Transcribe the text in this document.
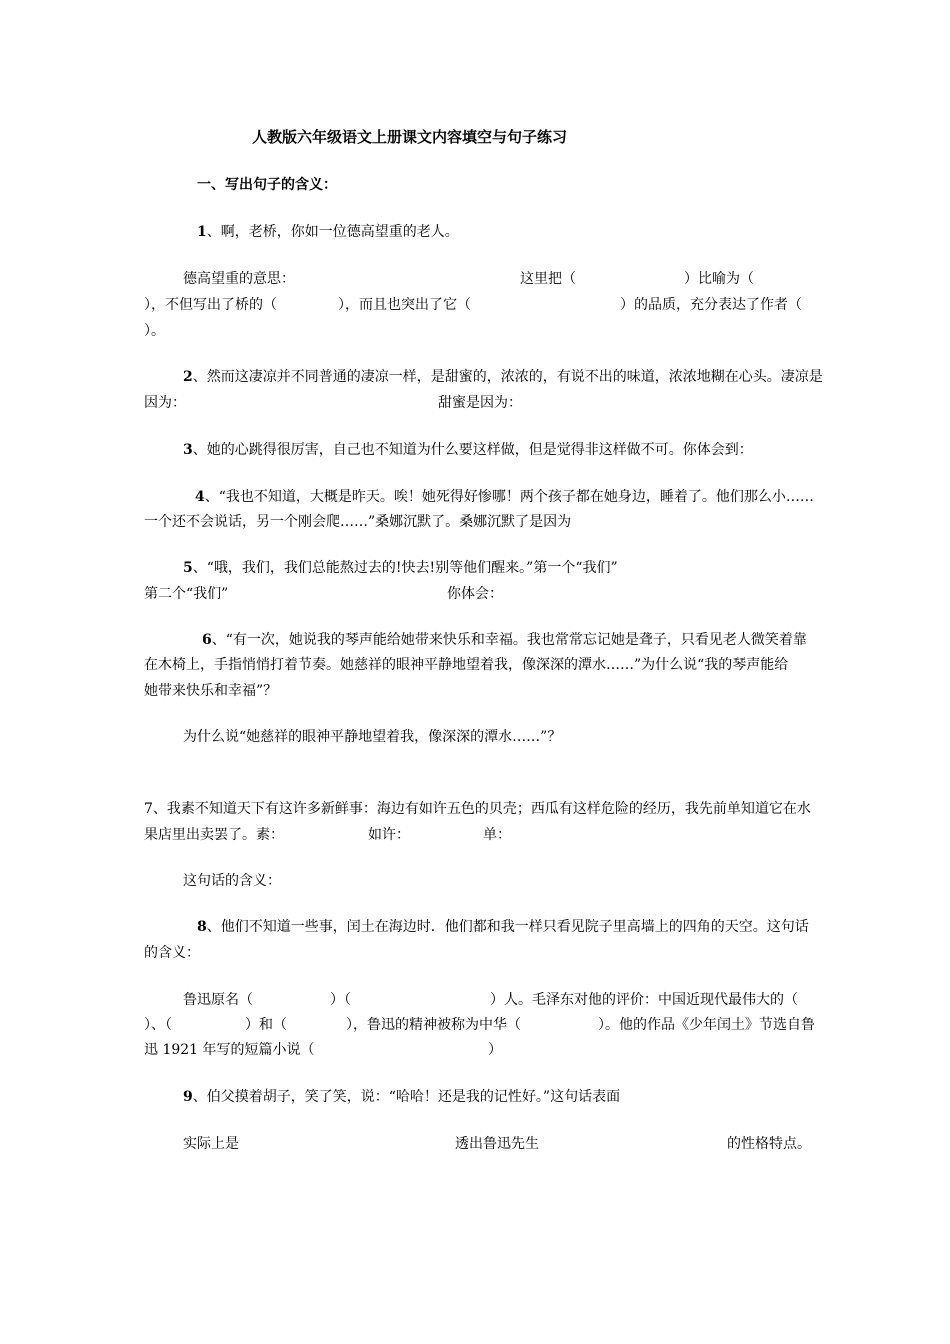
人教版六年级语文上册课文内容填空与句子练习
一、写出句子的含义：
1、啊，老桥，你如一位德高望重的老人。
德高望重的意思：	这里把（	）比喻为（
），不但写出了桥的（	），而且也突出了它（	）的品质，充分表达了作者（
）。
2、然而这凄凉并不同普通的凄凉一样，是甜蜜的，浓浓的，有说不出的味道，浓浓地糊在心头。凄凉是
因为：	甜蜜是因为：
3、她的心跳得很厉害，自己也不知道为什么要这样做，但是觉得非这样做不可。你体会到：
4、“我也不知道，大概是昨天。唉！她死得好惨哪！两个孩子都在她身边，睡着了。他们那么小……
一个还不会说话，另一个刚会爬……”桑娜沉默了。桑娜沉默了是因为
5、“哦，我们，我们总能熬过去的!快去!别等他们醒来。”第一个“我们”
第二个“我们”	你体会：
6、“有一次，她说我的琴声能给她带来快乐和幸福。我也常常忘记她是聋子，只看见老人微笑着靠
在木椅上，手指悄悄打着节奏。她慈祥的眼神平静地望着我，像深深的潭水……”为什么说“我的琴声能给
她带来快乐和幸福”？
为什么说“她慈祥的眼神平静地望着我，像深深的潭水……”？
7、我素不知道天下有这许多新鲜事：海边有如许五色的贝壳；西瓜有这样危险的经历，我先前单知道它在水
果店里出卖罢了。素：	如许：	单：
这句话的含义：
8、他们不知道一些事，闰土在海边时．他们都和我一样只看见院子里高墙上的四角的天空。这句话
的含义：
鲁迅原名（	）（	）人。毛泽东对他的评价：中国近现代最伟大的（
）、（	）和（	），鲁迅的精神被称为中华（	）。他的作品《少年闰土》节选自鲁
迅 1921 年写的短篇小说（	）
9、伯父摸着胡子，笑了笑，说：“哈哈！还是我的记性好。”这句话表面
实际上是	透出鲁迅先生	的性格特点。
